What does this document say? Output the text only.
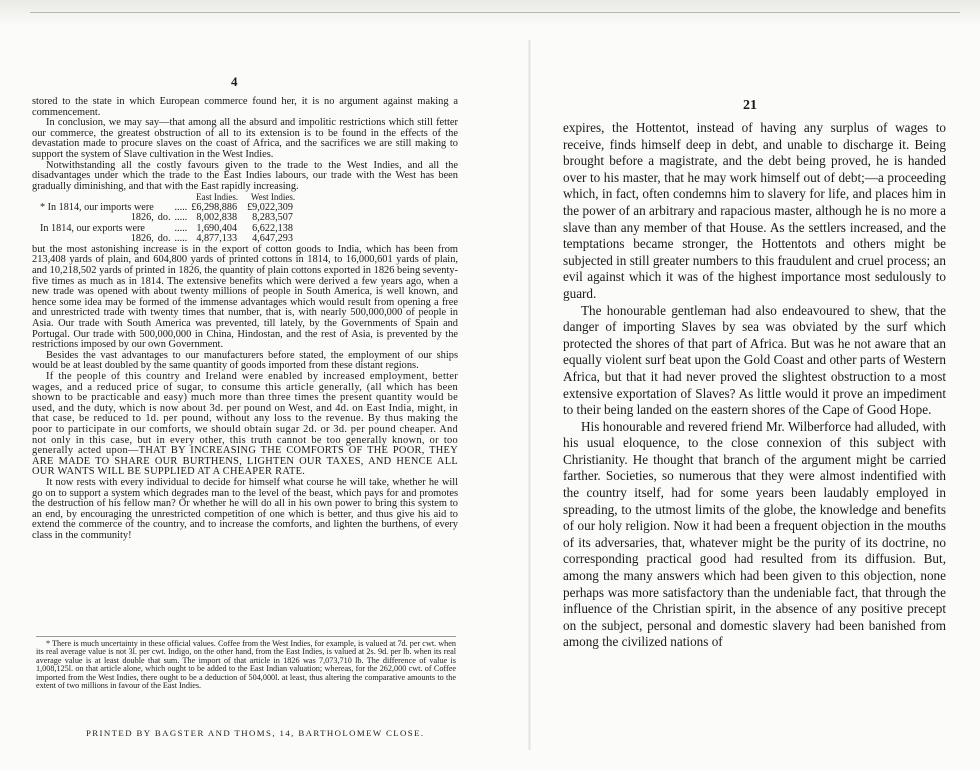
4

stored to the state in which European commerce found her, it is no argument against making a commencement.

In conclusion, we may say—that among all the absurd and impolitic restrictions which still fetter our commerce, the greatest obstruction of all to its extension is to be found in the effects of the devastation made to procure slaves on the coast of Africa, and the sacrifices we are still making to support the system of Slave cultivation in the West Indies.

Notwithstanding all the costly favours given to the trade to the West Indies, and all the disadvantages under which the trade to the East Indies labours, our trade with the West has been gradually diminishing, and that with the East rapidly increasing.

			East Indies.	West Indies.
* In 1814, our imports were		.....	£6,298,886	£9,022,309
1826,	do.	.....	8,002,838	8,283,507
In 1814, our exports were		.....	1,690,404	6,622,138
1826,	do.	.....	4,877,133	4,647,293

but the most astonishing increase is in the export of cotton goods to India, which has been from 213,408 yards of plain, and 604,800 yards of printed cottons in 1814, to 16,000,601 yards of plain, and 10,218,502 yards of printed in 1826, the quantity of plain cottons exported in 1826 being seventy-five times as much as in 1814. The extensive benefits which were derived a few years ago, when a new trade was opened with about twenty millions of people in South America, is well known, and hence some idea may be formed of the immense advantages which would result from opening a free and unrestricted trade with twenty times that number, that is, with nearly 500,000,000 of people in Asia. Our trade with South America was prevented, till lately, by the Governments of Spain and Portugal. Our trade with 500,000,000 in China, Hindostan, and the rest of Asia, is prevented by the restrictions imposed by our own Government.

Besides the vast advantages to our manufacturers before stated, the employment of our ships would be at least doubled by the same quantity of goods imported from these distant regions.

If the people of this country and Ireland were enabled by increased employment, better wages, and a reduced price of sugar, to consume this article generally, (all which has been shown to be practicable and easy) much more than three times the present quantity would be used, and the duty, which is now about 3d. per pound on West, and 4d. on East India, might, in that case, be reduced to 1d. per pound, without any loss to the revenue. By thus making the poor to participate in our comforts, we should obtain sugar 2d. or 3d. per pound cheaper. And not only in this case, but in every other, this truth cannot be too generally known, or too generally acted upon—THAT BY INCREASING THE COMFORTS OF THE POOR, THEY ARE MADE TO SHARE OUR BURTHENS, LIGHTEN OUR TAXES, AND HENCE ALL OUR WANTS WILL BE SUPPLIED AT A CHEAPER RATE.

It now rests with every individual to decide for himself what course he will take, whether he will go on to support a system which degrades man to the level of the beast, which pays for and promotes the destruction of his fellow man? Or whether he will do all in his own power to bring this system to an end, by encouraging the unrestricted competition of one which is better, and thus give his aid to extend the commerce of the country, and to increase the comforts, and lighten the burthens, of every class in the community!

* There is much uncertainty in these official values. Coffee from the West Indies, for example, is valued at 7d. per cwt. when its real average value is not 3l. per cwt. Indigo, on the other hand, from the East Indies, is valued at 2s. 9d. per lb. when its real average value is at least double that sum. The import of that article in 1826 was 7,073,710 lb. The difference of value is 1,008,125l. on that article alone, which ought to be added to the East Indian valuation; whereas, for the 262,000 cwt. of Coffee imported from the West Indies, there ought to be a deduction of 504,000l. at least, thus altering the comparative amounts to the extent of two millions in favour of the East Indies.

PRINTED BY BAGSTER AND THOMS, 14, BARTHOLOMEW CLOSE.
21

expires, the Hottentot, instead of having any surplus of wages to receive, finds himself deep in debt, and unable to discharge it. Being brought before a magistrate, and the debt being proved, he is handed over to his master, that he may work himself out of debt;—a proceeding which, in fact, often condemns him to slavery for life, and places him in the power of an arbitrary and rapacious master, although he is no more a slave than any member of that House. As the settlers increased, and the temptations became stronger, the Hottentots and others might be subjected in still greater numbers to this fraudulent and cruel process; an evil against which it was of the highest importance most sedulously to guard.

The honourable gentleman had also endeavoured to shew, that the danger of importing Slaves by sea was obviated by the surf which protected the shores of that part of Africa. But was he not aware that an equally violent surf beat upon the Gold Coast and other parts of Western Africa, but that it had never proved the slightest obstruction to a most extensive exportation of Slaves? As little would it prove an impediment to their being landed on the eastern shores of the Cape of Good Hope.

His honourable and revered friend Mr. Wilberforce had alluded, with his usual eloquence, to the close connexion of this subject with Christianity. He thought that branch of the argument might be carried farther. Societies, so numerous that they were almost indentified with the country itself, had for some years been laudably employed in spreading, to the utmost limits of the globe, the knowledge and benefits of our holy religion. Now it had been a frequent objection in the mouths of its adversaries, that, whatever might be the purity of its doctrine, no corresponding practical good had resulted from its diffusion. But, among the many answers which had been given to this objection, none perhaps was more satisfactory than the undeniable fact, that through the influence of the Christian spirit, in the absence of any positive precept on the subject, personal and domestic slavery had been banished from among the civilized nations of
